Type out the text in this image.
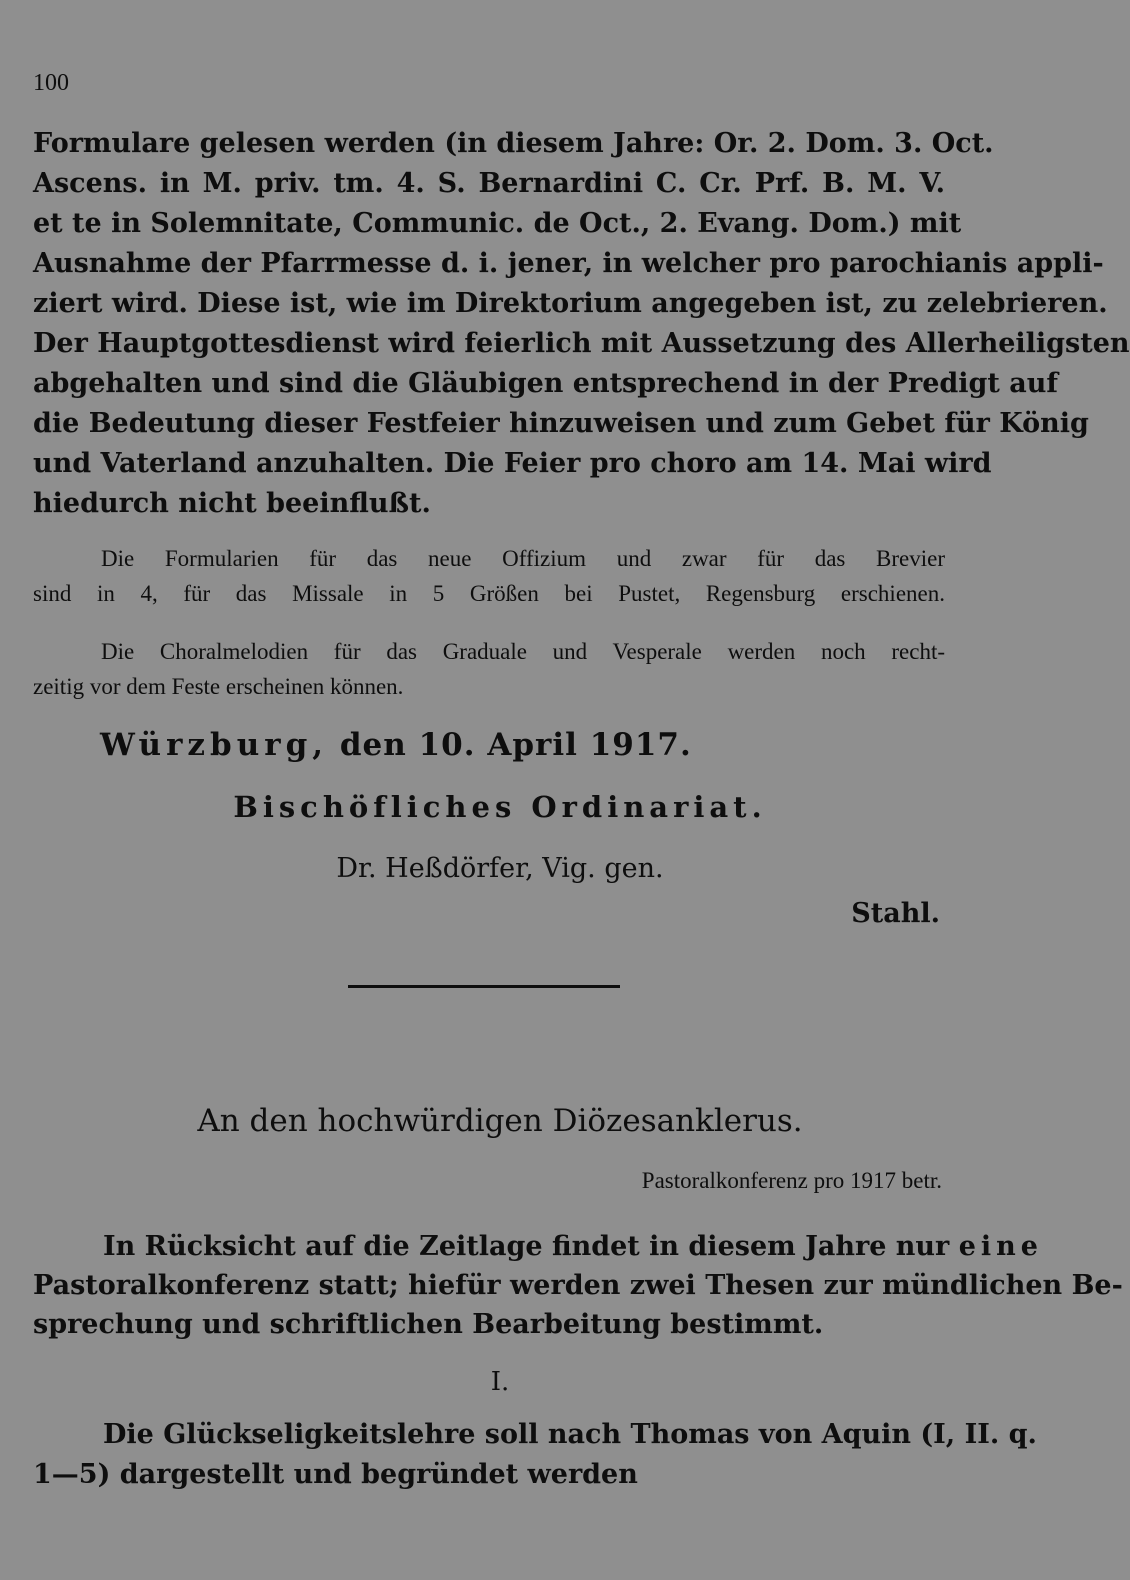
100
Formulare gelesen werden (in diesem Jahre: Or. 2. Dom. 3. Oct.
Ascens. in M. priv. tm. 4. S. Bernardini C. Cr. Prf. B. M. V.
et te in Solemnitate, Communic. de Oct., 2. Evang. Dom.) mit
Ausnahme der Pfarrmesse d. i. jener, in welcher pro parochianis appli-
ziert wird. Diese ist, wie im Direktorium angegeben ist, zu zelebrieren.
Der Hauptgottesdienst wird feierlich mit Aussetzung des Allerheiligsten
abgehalten und sind die Gläubigen entsprechend in der Predigt auf
die Bedeutung dieser Festfeier hinzuweisen und zum Gebet für König
und Vaterland anzuhalten. Die Feier pro choro am 14. Mai wird
hiedurch nicht beeinflußt.
Die Formularien für das neue Offizium und zwar für das Brevier
sind in 4, für das Missale in 5 Größen bei Pustet, Regensburg erschienen.
Die Choralmelodien für das Graduale und Vesperale werden noch recht-
zeitig vor dem Feste erscheinen können.
Würzburg, den 10. April 1917.
Bischöfliches Ordinariat.
Dr. Heßdörfer, Vig. gen.
Stahl.
An den hochwürdigen Diözesanklerus.
Pastoralkonferenz pro 1917 betr.
In Rücksicht auf die Zeitlage findet in diesem Jahre nur eine
Pastoralkonferenz statt; hiefür werden zwei Thesen zur mündlichen Be-
sprechung und schriftlichen Bearbeitung bestimmt.
I.
Die Glückseligkeitslehre soll nach Thomas von Aquin (I, II. q.
1—5) dargestellt und begründet werden
